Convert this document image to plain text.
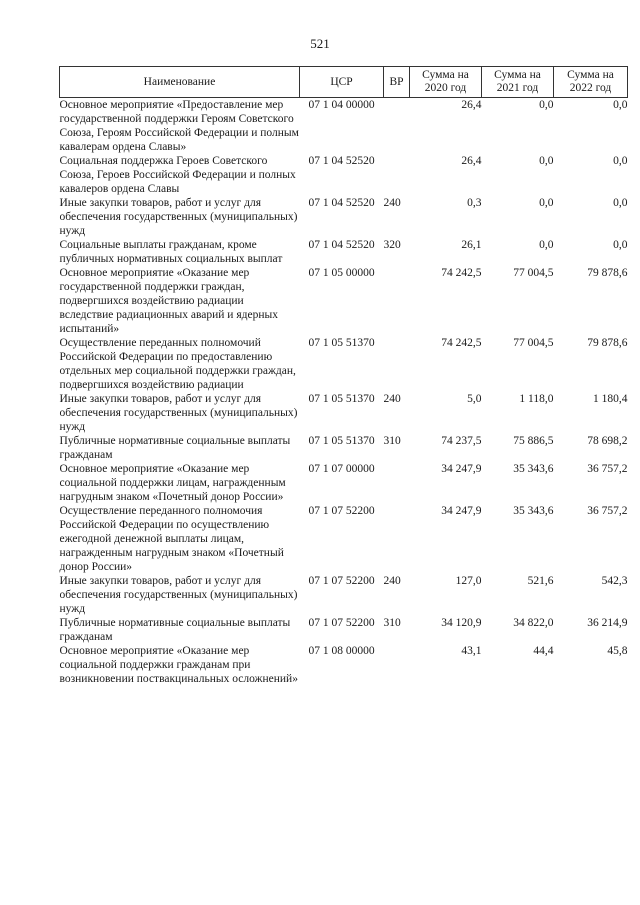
521
Наименование	ЦСР	ВР	Сумма на 2020 год	Сумма на 2021 год	Сумма на 2022 год
Основное мероприятие «Предоставление мер государственной поддержки Героям Советского Союза, Героям Российской Федерации и полным кавалерам ордена Славы»	07 1 04 00000		26,4	0,0	0,0
Социальная поддержка Героев Советского Союза, Героев Российской Федерации и полных кавалеров ордена Славы	07 1 04 52520		26,4	0,0	0,0
Иные закупки товаров, работ и услуг для обеспечения государственных (муниципальных) нужд	07 1 04 52520	240	0,3	0,0	0,0
Социальные выплаты гражданам, кроме публичных нормативных социальных выплат	07 1 04 52520	320	26,1	0,0	0,0
Основное мероприятие «Оказание мер государственной поддержки граждан, подвергшихся воздействию радиации вследствие радиационных аварий и ядерных испытаний»	07 1 05 00000		74 242,5	77 004,5	79 878,6
Осуществление переданных полномочий Российской Федерации по предоставлению отдельных мер социальной поддержки граждан, подвергшихся воздействию радиации	07 1 05 51370		74 242,5	77 004,5	79 878,6
Иные закупки товаров, работ и услуг для обеспечения государственных (муниципальных) нужд	07 1 05 51370	240	5,0	1 118,0	1 180,4
Публичные нормативные социальные выплаты гражданам	07 1 05 51370	310	74 237,5	75 886,5	78 698,2
Основное мероприятие «Оказание мер социальной поддержки лицам, награжденным нагрудным знаком «Почетный донор России»	07 1 07 00000		34 247,9	35 343,6	36 757,2
Осуществление переданного полномочия Российской Федерации по осуществлению ежегодной денежной выплаты лицам, награжденным нагрудным знаком «Почетный донор России»	07 1 07 52200		34 247,9	35 343,6	36 757,2
Иные закупки товаров, работ и услуг для обеспечения государственных (муниципальных) нужд	07 1 07 52200	240	127,0	521,6	542,3
Публичные нормативные социальные выплаты гражданам	07 1 07 52200	310	34 120,9	34 822,0	36 214,9
Основное мероприятие «Оказание мер социальной поддержки гражданам при возникновении поствакцинальных осложнений»	07 1 08 00000		43,1	44,4	45,8
